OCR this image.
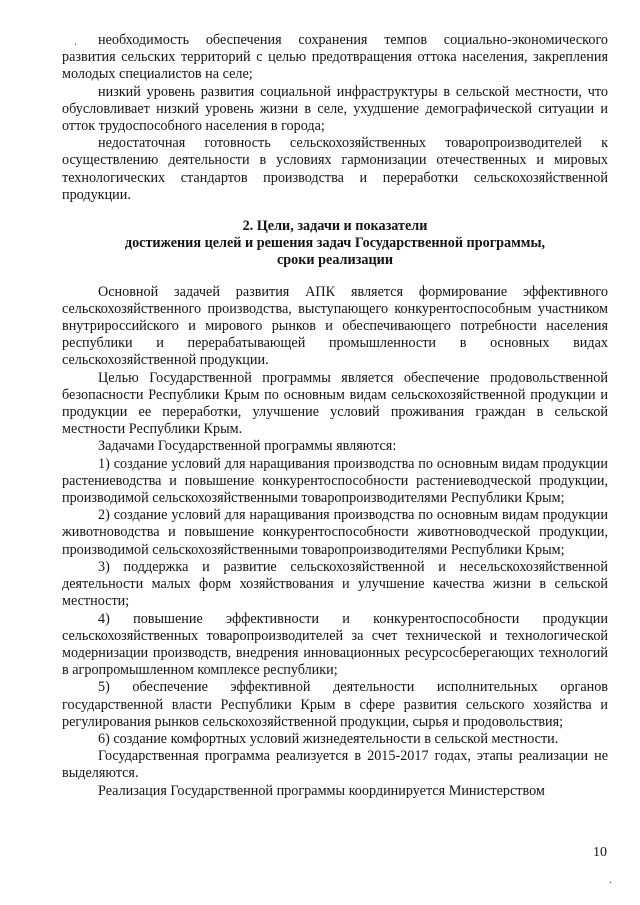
·
·

необходимость обеспечения сохранения темпов социально-экономического развития сельских территорий с целью предотвращения оттока населения, закрепления молодых специалистов на селе;

низкий уровень развития социальной инфраструктуры в сельской местности, что обусловливает низкий уровень жизни в селе, ухудшение демографической ситуации и отток трудоспособного населения в города;

недостаточная готовность сельскохозяйственных товаропроизводителей к осуществлению деятельности в условиях гармонизации отечественных и мировых технологических стандартов производства и переработки сельскохозяйственной продукции.

2. Цели, задачи и показатели
достижения целей и решения задач Государственной программы,
сроки реализации

Основной задачей развития АПК является формирование эффективного сельскохозяйственного производства, выступающего конкурентоспособным участником внутрироссийского и мирового рынков и обеспечивающего потребности населения республики и перерабатывающей промышленности в основных видах сельскохозяйственной продукции.

Целью Государственной программы является обеспечение продовольственной безопасности Республики Крым по основным видам сельскохозяйственной продукции и продукции ее переработки, улучшение условий проживания граждан в сельской местности Республики Крым.

Задачами Государственной программы являются:

1) создание условий для наращивания производства по основным видам продукции растениеводства и повышение конкурентоспособности растениеводческой продукции, производимой сельскохозяйственными товаропроизводителями Республики Крым;

2) создание условий для наращивания производства по основным видам продукции животноводства и повышение конкурентоспособности животноводческой продукции, производимой сельскохозяйственными товаропроизводителями Республики Крым;

3) поддержка и развитие сельскохозяйственной и несельскохозяйственной деятельности малых форм хозяйствования и улучшение качества жизни в сельской местности;

4) повышение эффективности и конкурентоспособности продукции сельскохозяйственных товаропроизводителей за счет технической и технологической модернизации производств, внедрения инновационных ресурсосберегающих технологий в агропромышленном комплексе республики;

5) обеспечение эффективной деятельности исполнительных органов государственной власти Республики Крым в сфере развития сельского хозяйства и регулирования рынков сельскохозяйственной продукции, сырья и продовольствия;

6) создание комфортных условий жизнедеятельности в сельской местности.

Государственная программа реализуется в 2015-2017 годах, этапы реализации не выделяются.

Реализация Государственной программы координируется Министерством

10
